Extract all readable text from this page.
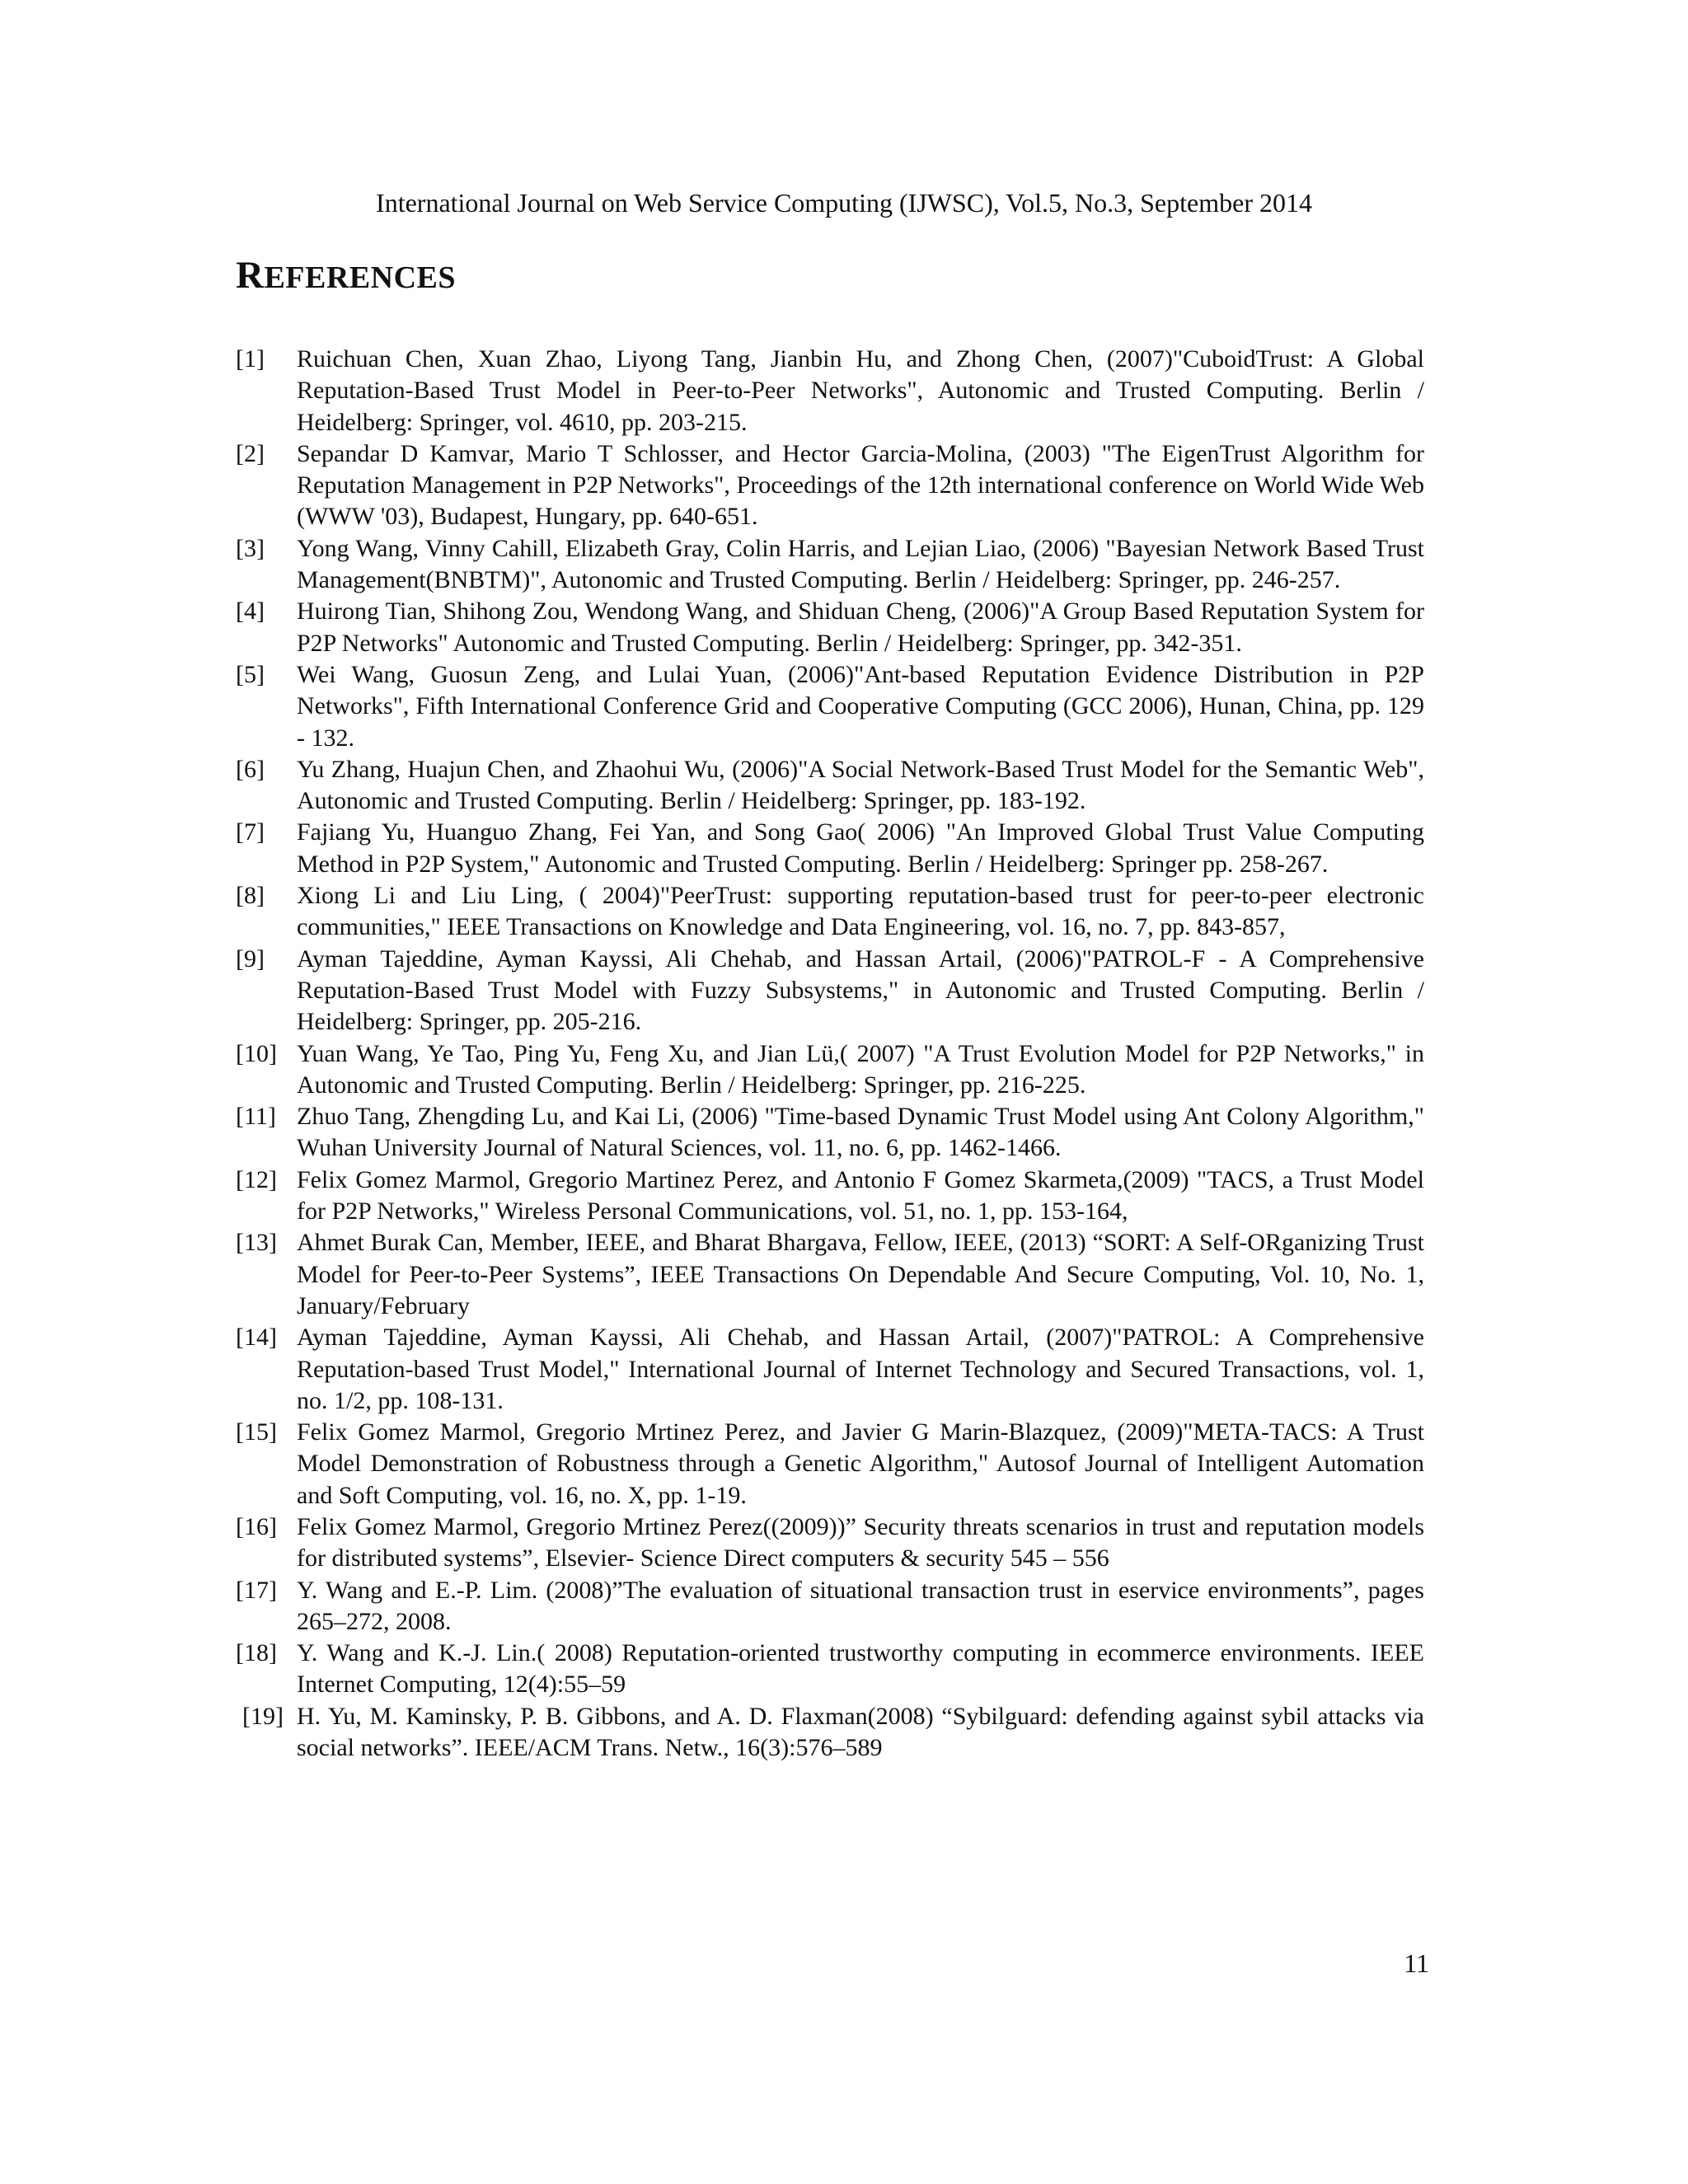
International Journal on Web Service Computing (IJWSC), Vol.5, No.3, September 2014
REFERENCES
[1]	Ruichuan Chen, Xuan Zhao, Liyong Tang, Jianbin Hu, and Zhong Chen, (2007)"CuboidTrust: A Global Reputation-Based Trust Model in Peer-to-Peer Networks", Autonomic and Trusted Computing. Berlin / Heidelberg: Springer, vol. 4610, pp. 203-215.
[2]	Sepandar D Kamvar, Mario T Schlosser, and Hector Garcia-Molina, (2003) "The EigenTrust Algorithm for Reputation Management in P2P Networks", Proceedings of the 12th international conference on World Wide Web (WWW '03), Budapest, Hungary, pp. 640-651.
[3]	Yong Wang, Vinny Cahill, Elizabeth Gray, Colin Harris, and Lejian Liao, (2006) "Bayesian Network Based Trust Management(BNBTM)", Autonomic and Trusted Computing. Berlin / Heidelberg: Springer, pp. 246-257.
[4]	Huirong Tian, Shihong Zou, Wendong Wang, and Shiduan Cheng, (2006)"A Group Based Reputation System for P2P Networks" Autonomic and Trusted Computing. Berlin / Heidelberg: Springer, pp. 342-351.
[5]	Wei Wang, Guosun Zeng, and Lulai Yuan, (2006)"Ant-based Reputation Evidence Distribution in P2P Networks", Fifth International Conference Grid and Cooperative Computing (GCC 2006), Hunan, China, pp. 129 - 132.
[6]	Yu Zhang, Huajun Chen, and Zhaohui Wu, (2006)"A Social Network-Based Trust Model for the Semantic Web", Autonomic and Trusted Computing. Berlin / Heidelberg: Springer, pp. 183-192.
[7]	Fajiang Yu, Huanguo Zhang, Fei Yan, and Song Gao( 2006) "An Improved Global Trust Value Computing Method in P2P System," Autonomic and Trusted Computing. Berlin / Heidelberg: Springer pp. 258-267.
[8]	Xiong Li and Liu Ling, ( 2004)"PeerTrust: supporting reputation-based trust for peer-to-peer electronic communities," IEEE Transactions on Knowledge and Data Engineering, vol. 16, no. 7, pp. 843-857,
[9]	Ayman Tajeddine, Ayman Kayssi, Ali Chehab, and Hassan Artail, (2006)"PATROL-F - A Comprehensive Reputation-Based Trust Model with Fuzzy Subsystems," in Autonomic and Trusted Computing. Berlin / Heidelberg: Springer, pp. 205-216.
[10] Yuan Wang, Ye Tao, Ping Yu, Feng Xu, and Jian Lü,( 2007) "A Trust Evolution Model for P2P Networks," in Autonomic and Trusted Computing. Berlin / Heidelberg: Springer, pp. 216-225.
[11] Zhuo Tang, Zhengding Lu, and Kai Li, (2006) "Time-based Dynamic Trust Model using Ant Colony Algorithm," Wuhan University Journal of Natural Sciences, vol. 11, no. 6, pp. 1462-1466.
[12] Felix Gomez Marmol, Gregorio Martinez Perez, and Antonio F Gomez Skarmeta,(2009) "TACS, a Trust Model for P2P Networks," Wireless Personal Communications, vol. 51, no. 1, pp. 153-164,
[13] Ahmet Burak Can, Member, IEEE, and Bharat Bhargava, Fellow, IEEE, (2013) “SORT: A Self-ORganizing Trust Model for Peer-to-Peer Systems”, IEEE Transactions On Dependable And Secure Computing, Vol. 10, No. 1, January/February
[14] Ayman Tajeddine, Ayman Kayssi, Ali Chehab, and Hassan Artail, (2007)"PATROL: A Comprehensive Reputation-based Trust Model," International Journal of Internet Technology and Secured Transactions, vol. 1, no. 1/2, pp. 108-131.
[15] Felix Gomez Marmol, Gregorio Mrtinez Perez, and Javier G Marin-Blazquez, (2009)"META-TACS: A Trust Model Demonstration of Robustness through a Genetic Algorithm," Autosof Journal of Intelligent Automation and Soft Computing, vol. 16, no. X, pp. 1-19.
[16] Felix Gomez Marmol, Gregorio Mrtinez Perez((2009))” Security threats scenarios in trust and reputation models for distributed systems”, Elsevier- Science Direct computers & security 545 – 556
[17] Y. Wang and E.-P. Lim. (2008)”The evaluation of situational transaction trust in eservice environments”, pages 265–272, 2008.
[18] Y. Wang and K.-J. Lin.( 2008) Reputation-oriented trustworthy computing in ecommerce environments. IEEE Internet Computing, 12(4):55–59
[19] H. Yu, M. Kaminsky, P. B. Gibbons, and A. D. Flaxman(2008) “Sybilguard: defending against sybil attacks via social networks”. IEEE/ACM Trans. Netw., 16(3):576–589
11
